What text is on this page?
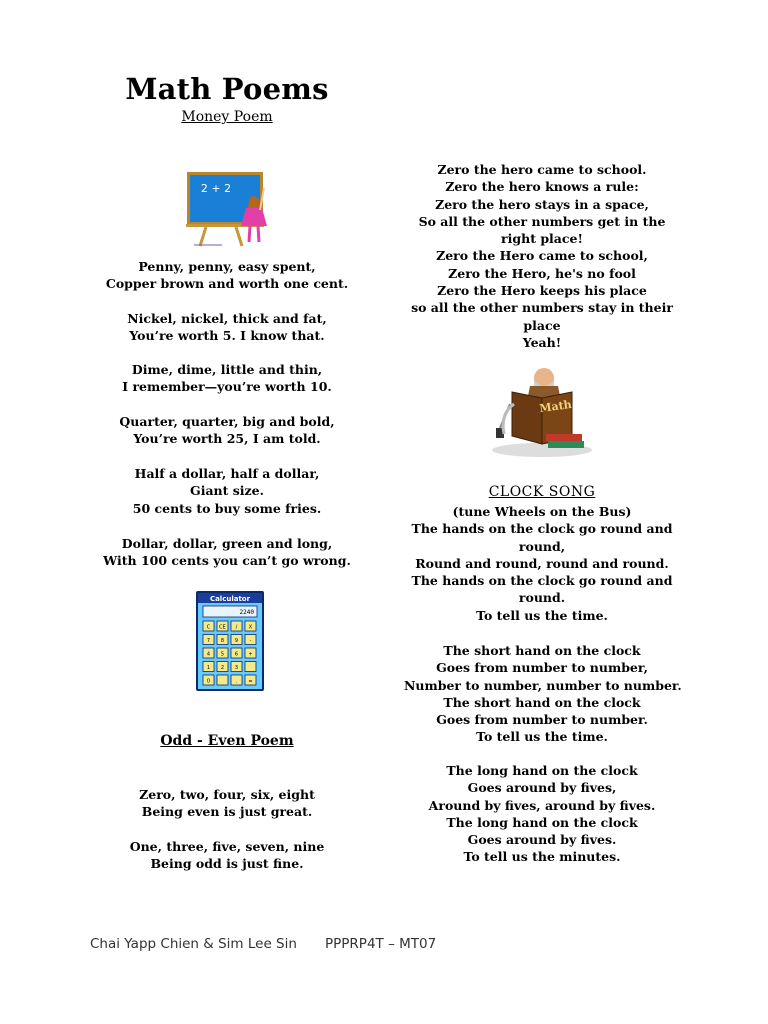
Math Poems
Money Poem
2 + 2
Penny, penny, easy spent,
Copper brown and worth one cent.
Nickel, nickel, thick and fat,
You’re worth 5. I know that.
Dime, dime, little and thin,
I remember—you’re worth 10.
Quarter, quarter, big and bold,
You’re worth 25, I am told.
Half a dollar, half a dollar,
Giant size.
50 cents to buy some fries.
Dollar, dollar, green and long,
With 100 cents you can’t go wrong.
Calculator
2240
C CE / X
7 8 9 -
4 5 6 +
1 2 3
0	. =
Odd - Even Poem
Zero, two, four, six, eight
Being even is just great.
One, three, five, seven, nine
Being odd is just fine.
Zero the hero came to school.
Zero the hero knows a rule:
Zero the hero stays in a space,
So all the other numbers get in the right place!
Zero the Hero came to school,
Zero the Hero, he's no fool
Zero the Hero keeps his place
so all the other numbers stay in their place
Yeah!
Math
CLOCK SONG
(tune Wheels on the Bus)
The hands on the clock go round and round,
Round and round, round and round.
The hands on the clock go round and round.
To tell us the time.
The short hand on the clock
Goes from number to number,
Number to number, number to number.
The short hand on the clock
Goes from number to number.
To tell us the time.
The long hand on the clock
Goes around by fives,
Around by fives, around by fives.
The long hand on the clock
Goes around by fives.
To tell us the minutes.
Chai Yapp Chien & Sim Lee Sin PPPRP4T – MT07
